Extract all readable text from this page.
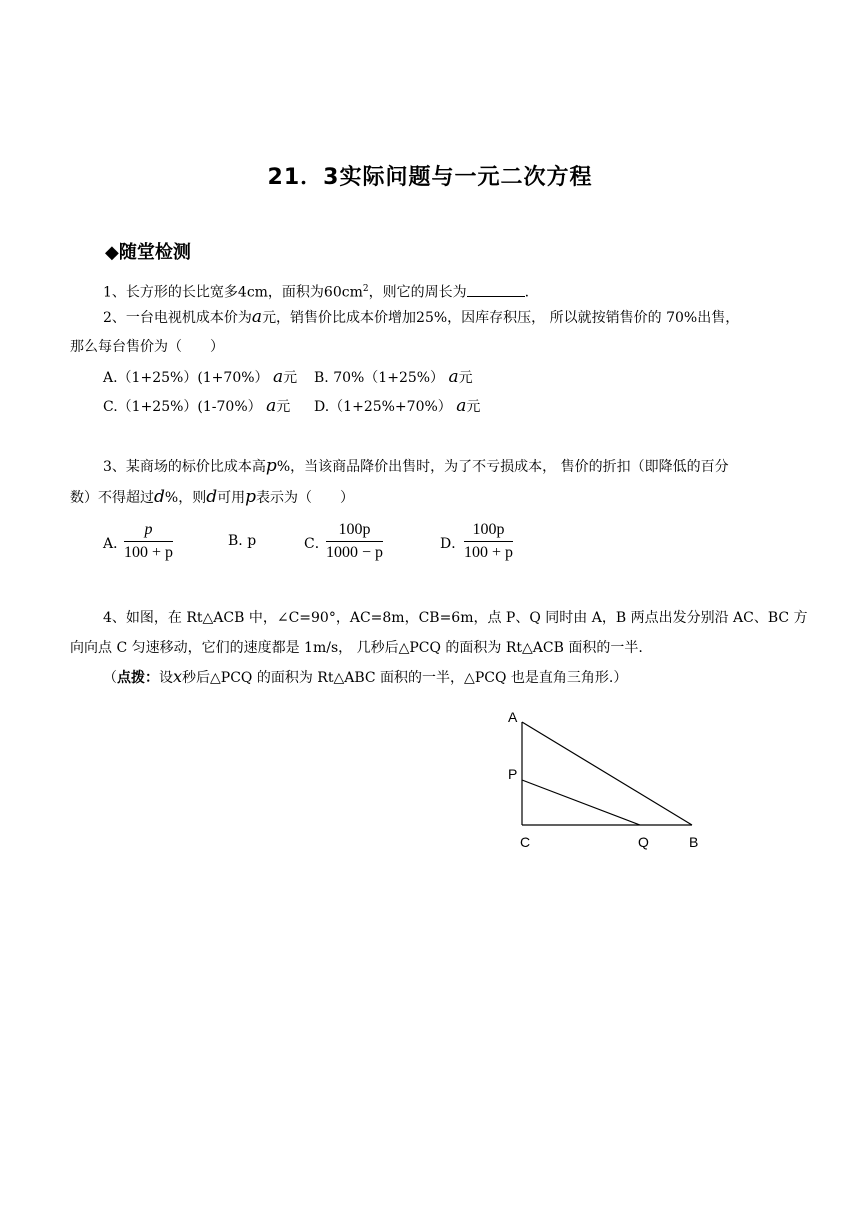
21．3实际问题与一元二次方程
◆随堂检测
1、长方形的长比宽多4cm，面积为$60cm^2$，则它的周长为	.
2、一台电视机成本价为a元，销售价比成本价增加25%，因库存积压， 所以就按销售价的 70%出售，
那么每台售价为（　　）
A.（1+25%）(1+70%） a元 B. 70%（1+25%） a元
C.（1+25%）(1-70%） a元 D.（1+25%+70%） a元
3、某商场的标价比成本高p%，当该商品降价出售时，为了不亏损成本， 售价的折扣（即降低的百分
数）不得超过d%，则d可用p表示为（　　）
A．
$\frac{p}{100 + p}$	B. p	C．
$\frac{100p}{1000 - p}$	D．
$\frac{100p}{100 + p}$
4、如图，在 Rt△ACB 中，∠C=90°，AC=8m，CB=6m，点 P、Q 同时由 A，B 两点出发分别沿 AC、BC 方
向向点 C 匀速移动，它们的速度都是 1m/s， 几秒后△PCQ 的面积为 Rt△ACB 面积的一半.
（点拨：设x秒后△PCQ 的面积为 Rt△ABC 面积的一半，△PCQ 也是直角三角形.）
A
P
C	Q	B
